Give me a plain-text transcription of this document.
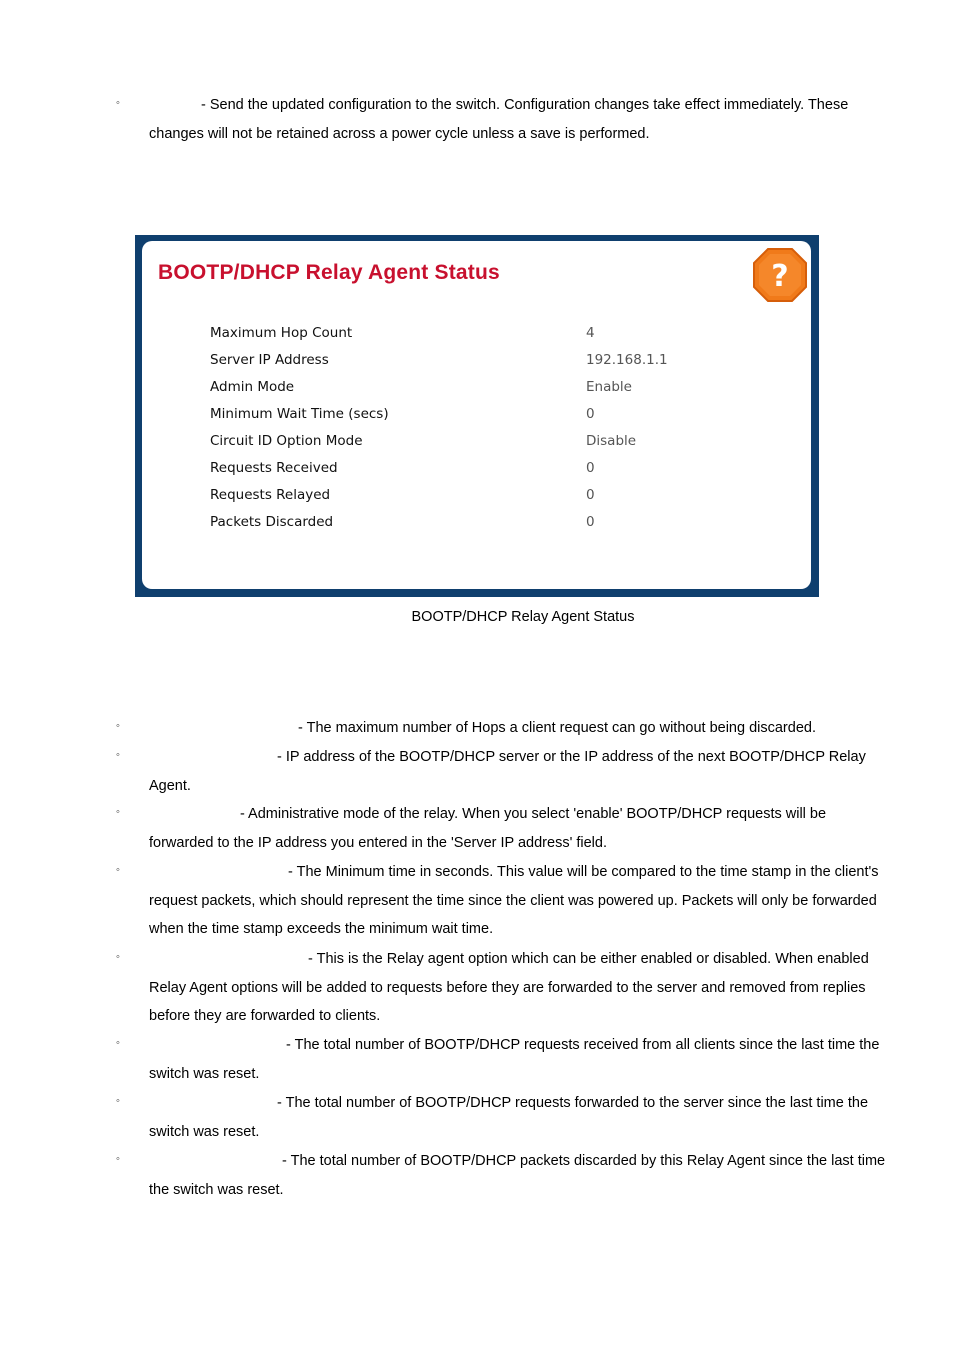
◦	- Send the updated configuration to the switch. Configuration changes take effect immediately. These changes will not be retained across a power cycle unless a save is performed.
BOOTP/DHCP Relay Agent Status	?
Maximum Hop Count	4
Server IP Address	192.168.1.1
Admin Mode	Enable
Minimum Wait Time (secs)	0
Circuit ID Option Mode	Disable
Requests Received	0
Requests Relayed	0
Packets Discarded	0
BOOTP/DHCP Relay Agent Status
◦	- The maximum number of Hops a client request can go without being discarded.
◦	- IP address of the BOOTP/DHCP server or the IP address of the next BOOTP/DHCP Relay Agent.
◦	- Administrative mode of the relay. When you select 'enable' BOOTP/DHCP requests will be forwarded to the IP address you entered in the 'Server IP address' field.
◦	- The Minimum time in seconds. This value will be compared to the time stamp in the client's request packets, which should represent the time since the client was powered up. Packets will only be forwarded when the time stamp exceeds the minimum wait time.
◦	- This is the Relay agent option which can be either enabled or disabled. When enabled Relay Agent options will be added to requests before they are forwarded to the server and removed from replies before they are forwarded to clients.
◦	- The total number of BOOTP/DHCP requests received from all clients since the last time the switch was reset.
◦	- The total number of BOOTP/DHCP requests forwarded to the server since the last time the switch was reset.
◦	- The total number of BOOTP/DHCP packets discarded by this Relay Agent since the last time the switch was reset.
